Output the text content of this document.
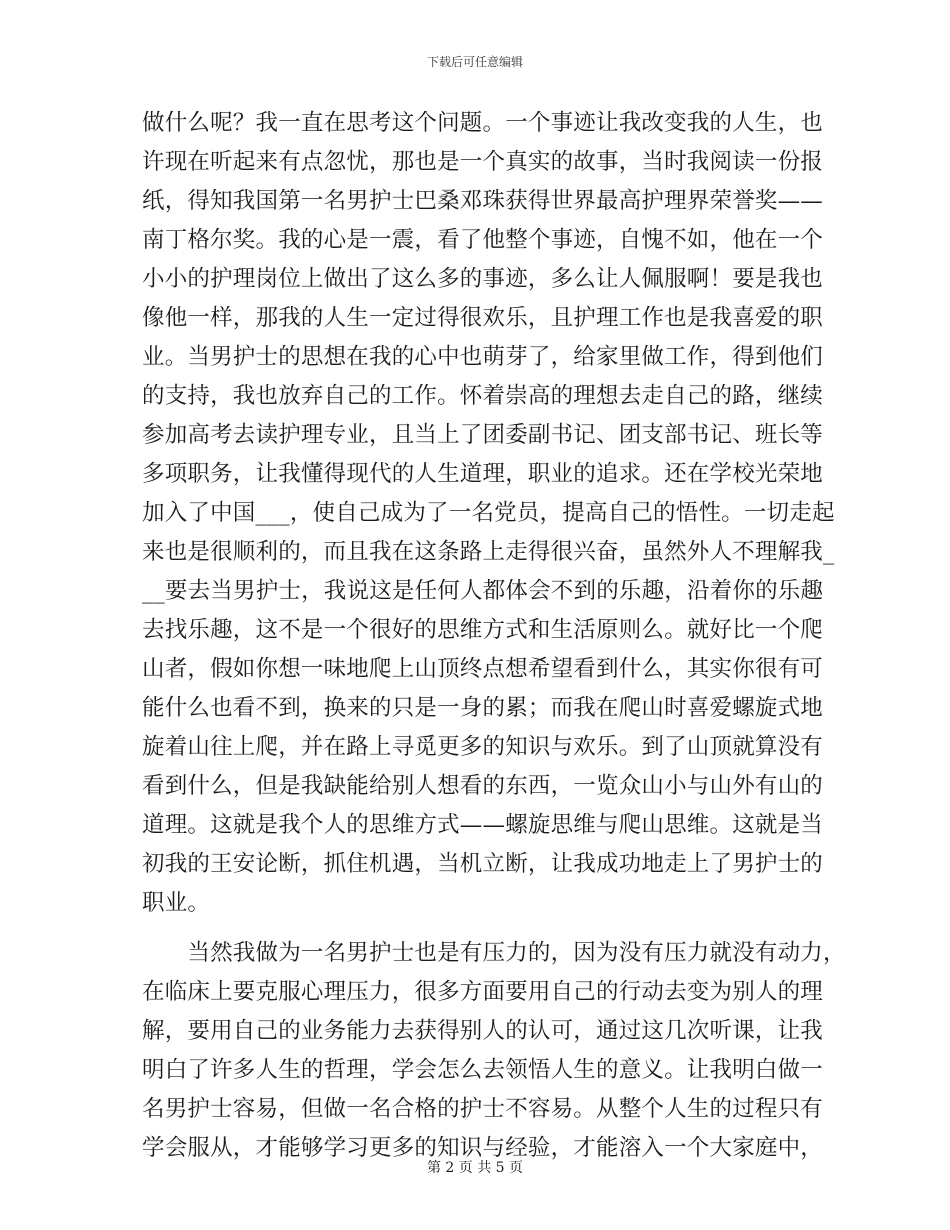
下载后可任意编辑
做什么呢？我一直在思考这个问题。一个事迹让我改变我的人生，也
许现在听起来有点忽忧，那也是一个真实的故事，当时我阅读一份报
纸，得知我国第一名男护士巴桑邓珠获得世界最高护理界荣誉奖——
南丁格尔奖。我的心是一震，看了他整个事迹，自愧不如，他在一个
小小的护理岗位上做出了这么多的事迹，多么让人佩服啊！要是我也
像他一样，那我的人生一定过得很欢乐，且护理工作也是我喜爱的职
业。当男护士的思想在我的心中也萌芽了，给家里做工作，得到他们
的支持，我也放弃自己的工作。怀着崇高的理想去走自己的路，继续
参加高考去读护理专业，且当上了团委副书记、团支部书记、班长等
多项职务，让我懂得现代的人生道理，职业的追求。还在学校光荣地
加入了中国___，使自己成为了一名党员，提高自己的悟性。一切走起
来也是很顺利的，而且我在这条路上走得很兴奋，虽然外人不理解我_
__要去当男护士，我说这是任何人都体会不到的乐趣，沿着你的乐趣
去找乐趣，这不是一个很好的思维方式和生活原则么。就好比一个爬
山者，假如你想一味地爬上山顶终点想希望看到什么，其实你很有可
能什么也看不到，换来的只是一身的累；而我在爬山时喜爱螺旋式地
旋着山往上爬，并在路上寻觅更多的知识与欢乐。到了山顶就算没有
看到什么，但是我缺能给别人想看的东西，一览众山小与山外有山的
道理。这就是我个人的思维方式——螺旋思维与爬山思维。这就是当
初我的王安论断，抓住机遇，当机立断，让我成功地走上了男护士的
职业。
　　当然我做为一名男护士也是有压力的，因为没有压力就没有动力，
在临床上要克服心理压力，很多方面要用自己的行动去变为别人的理
解，要用自己的业务能力去获得别人的认可，通过这几次听课，让我
明白了许多人生的哲理，学会怎么去领悟人生的意义。让我明白做一
名男护士容易，但做一名合格的护士不容易。从整个人生的过程只有
学会服从，才能够学习更多的知识与经验，才能溶入一个大家庭中，
第 2 页 共 5 页
